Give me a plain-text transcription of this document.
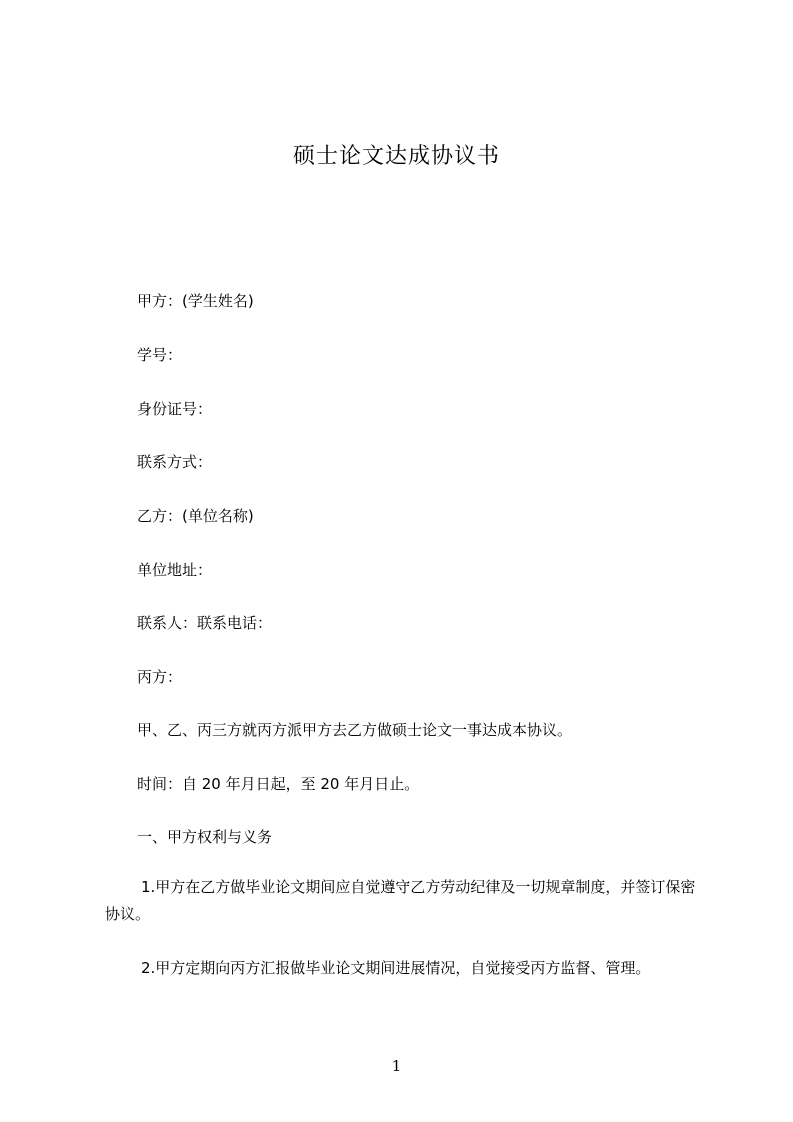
硕士论文达成协议书
甲方：(学生姓名)
学号：
身份证号：
联系方式：
乙方：(单位名称)
单位地址：
联系人：联系电话：
丙方：
甲、乙、丙三方就丙方派甲方去乙方做硕士论文一事达成本协议。
时间：自 20 年月日起，至 20 年月日止。
一、甲方权利与义务
1.甲方在乙方做毕业论文期间应自觉遵守乙方劳动纪律及一切规章制度，并签订保密协议。
2.甲方定期向丙方汇报做毕业论文期间进展情况，自觉接受丙方监督、管理。
1
